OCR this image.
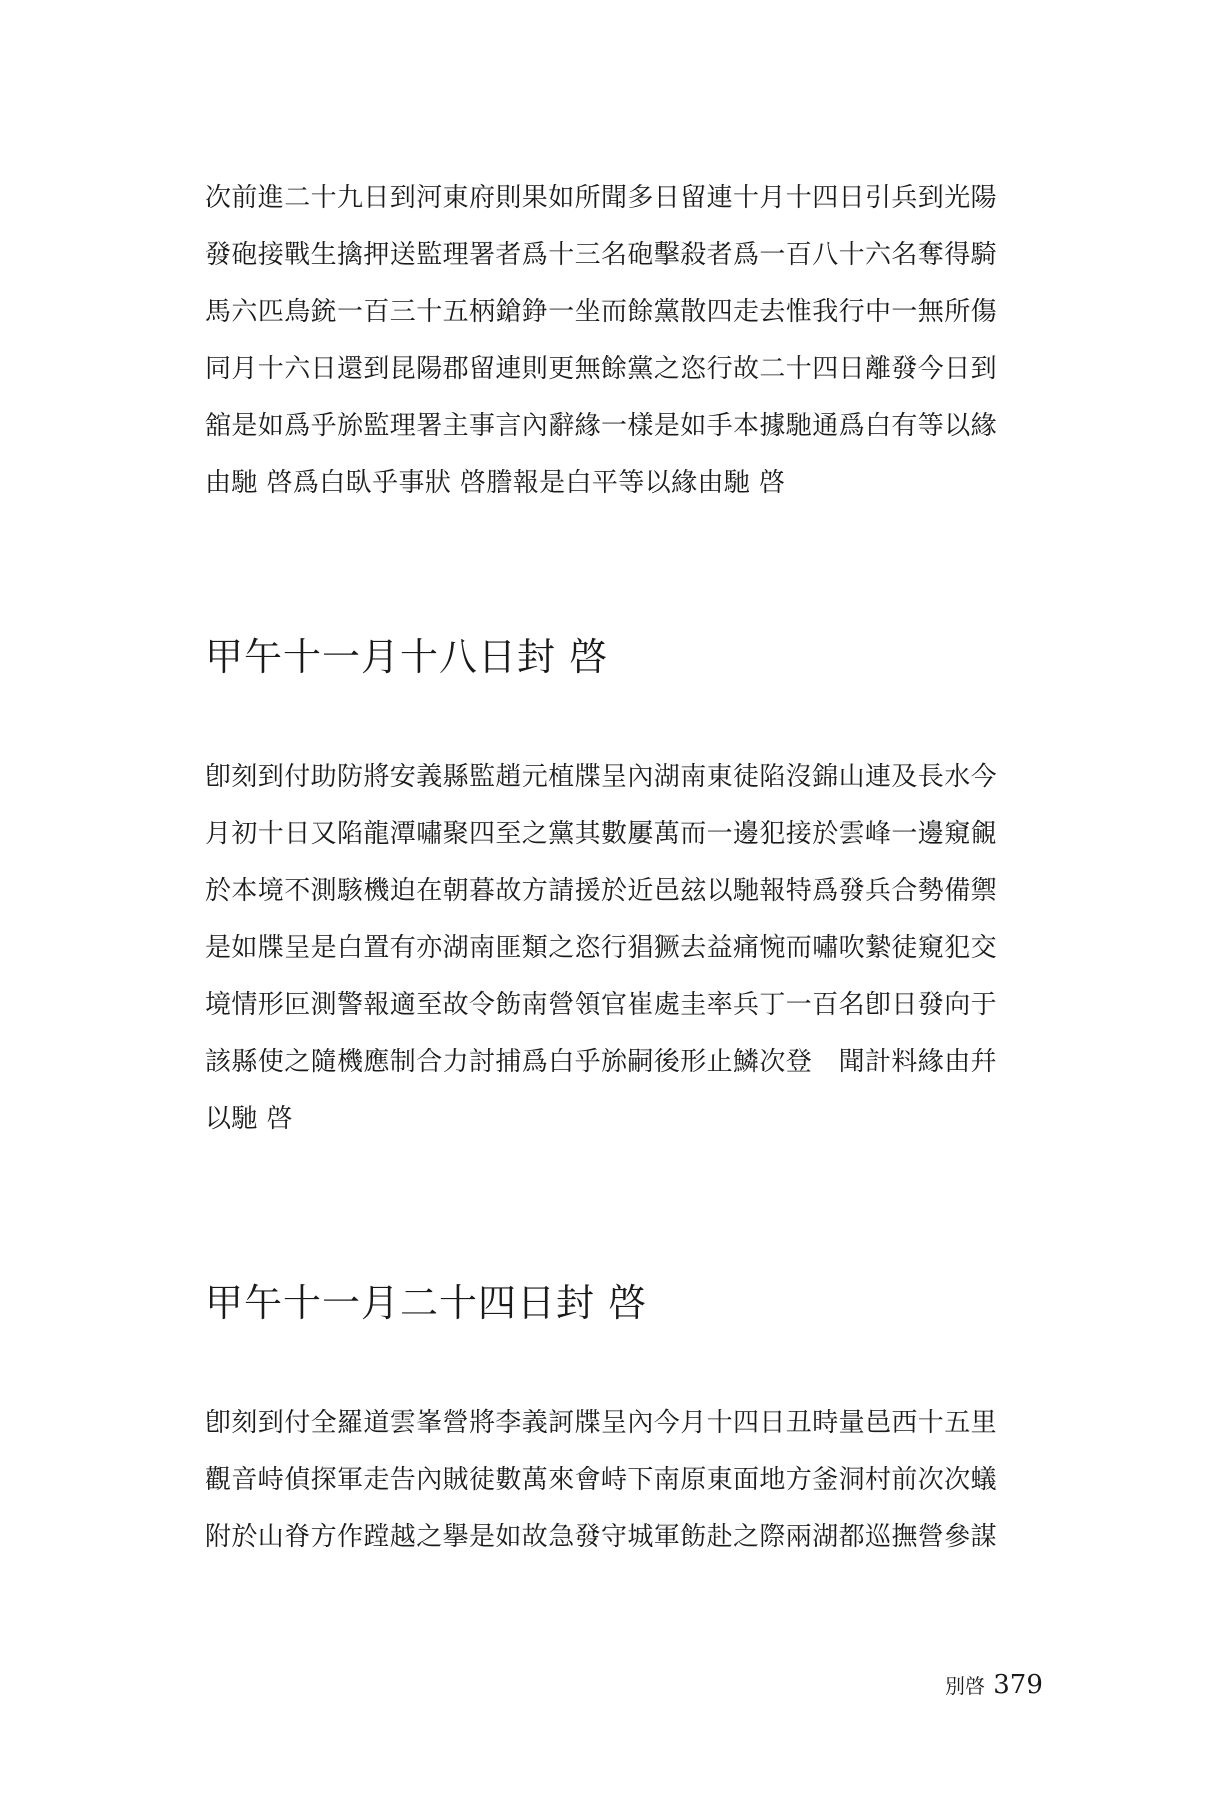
次前進二十九日到河東府則果如所聞多日留連十月十四日引兵到光陽
發砲接戰生擒押送監理署者爲十三名砲擊殺者爲一百八十六名奪得騎
馬六匹鳥銃一百三十五柄鎗錚一坐而餘黨散四走去惟我行中一無所傷
同月十六日還到昆陽郡留連則更無餘黨之恣行故二十四日離發今日到
舘是如爲乎旀監理署主事言內辭緣一樣是如手本據馳通爲白有等以緣
由馳 啓爲白臥乎事狀 啓謄報是白平等以緣由馳 啓
甲午十一月十八日封 啓
卽刻到付助防將安義縣監趙元植牒呈內湖南東徒陷沒錦山連及長水今
月初十日又陷龍潭嘯聚四至之黨其數屢萬而一邊犯接於雲峰一邊窺覦
於本境不測駭機迫在朝暮故方請援於近邑玆以馳報特爲發兵合勢備禦
是如牒呈是白置有亦湖南匪類之恣行猖獗去益痛惋而嘯吹縶徒窺犯交
境情形叵測警報適至故令飭南營領官崔處圭率兵丁一百名卽日發向于
該縣使之隨機應制合力討捕爲白乎旀嗣後形止鱗次登　聞計料緣由幷
以馳 啓
甲午十一月二十四日封 啓
卽刻到付全羅道雲峯營將李義訶牒呈內今月十四日丑時量邑西十五里
觀音峙偵探軍走告內賊徒數萬來會峙下南原東面地方釜洞村前次次蟻
附於山脊方作蹚越之擧是如故急發守城軍飭赴之際兩湖都巡撫營參謀
別啓 379
